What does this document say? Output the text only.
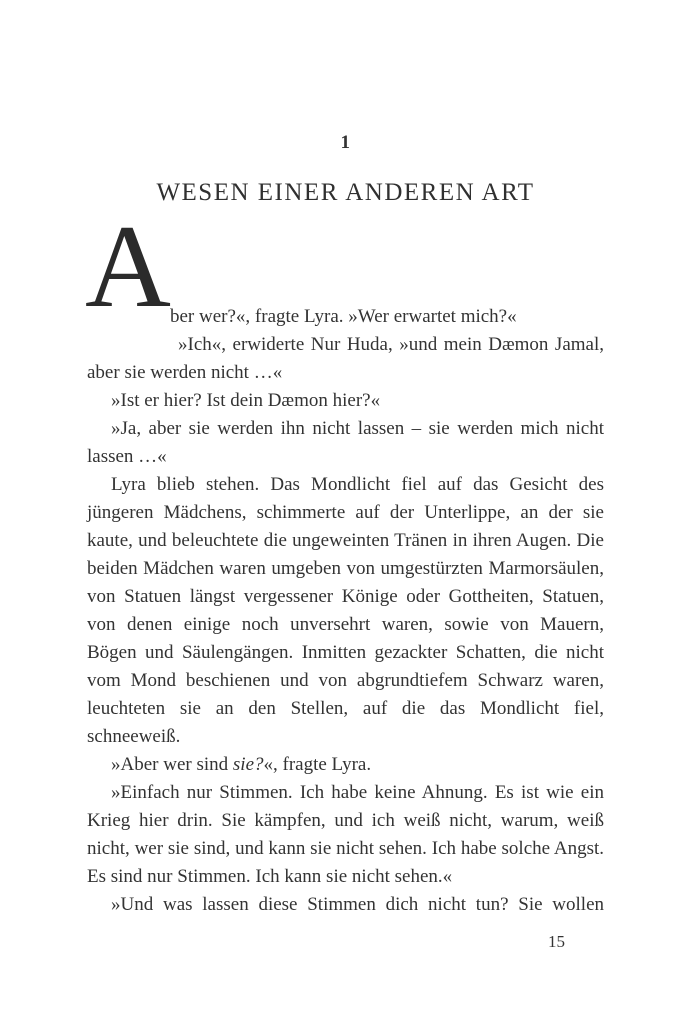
1
WESEN EINER ANDEREN ART
A ber wer?«, fragte Lyra. »Wer erwartet mich?«

»Ich«, erwiderte Nur Huda, »und mein Dæmon Jamal, aber sie werden nicht …«

»Ist er hier? Ist dein Dæmon hier?«

»Ja, aber sie werden ihn nicht lassen – sie werden mich nicht lassen …«

Lyra blieb stehen. Das Mondlicht fiel auf das Gesicht des jüngeren Mädchens, schimmerte auf der Unterlippe, an der sie kaute, und beleuchtete die ungeweinten Tränen in ihren Augen. Die beiden Mädchen waren umgeben von umgestürzten Marmorsäulen, von Statuen längst vergessener Könige oder Gottheiten, Statuen, von denen einige noch unversehrt waren, sowie von Mauern, Bögen und Säulengängen. Inmitten gezackter Schatten, die nicht vom Mond beschienen und von abgrundtiefem Schwarz waren, leuchteten sie an den Stellen, auf die das Mondlicht fiel, schneeweiß.

»Aber wer sind sie?«, fragte Lyra.

»Einfach nur Stimmen. Ich habe keine Ahnung. Es ist wie ein Krieg hier drin. Sie kämpfen, und ich weiß nicht, warum, weiß nicht, wer sie sind, und kann sie nicht sehen. Ich habe solche Angst. Es sind nur Stimmen. Ich kann sie nicht sehen.«

»Und was lassen diese Stimmen dich nicht tun? Sie wollen

15
